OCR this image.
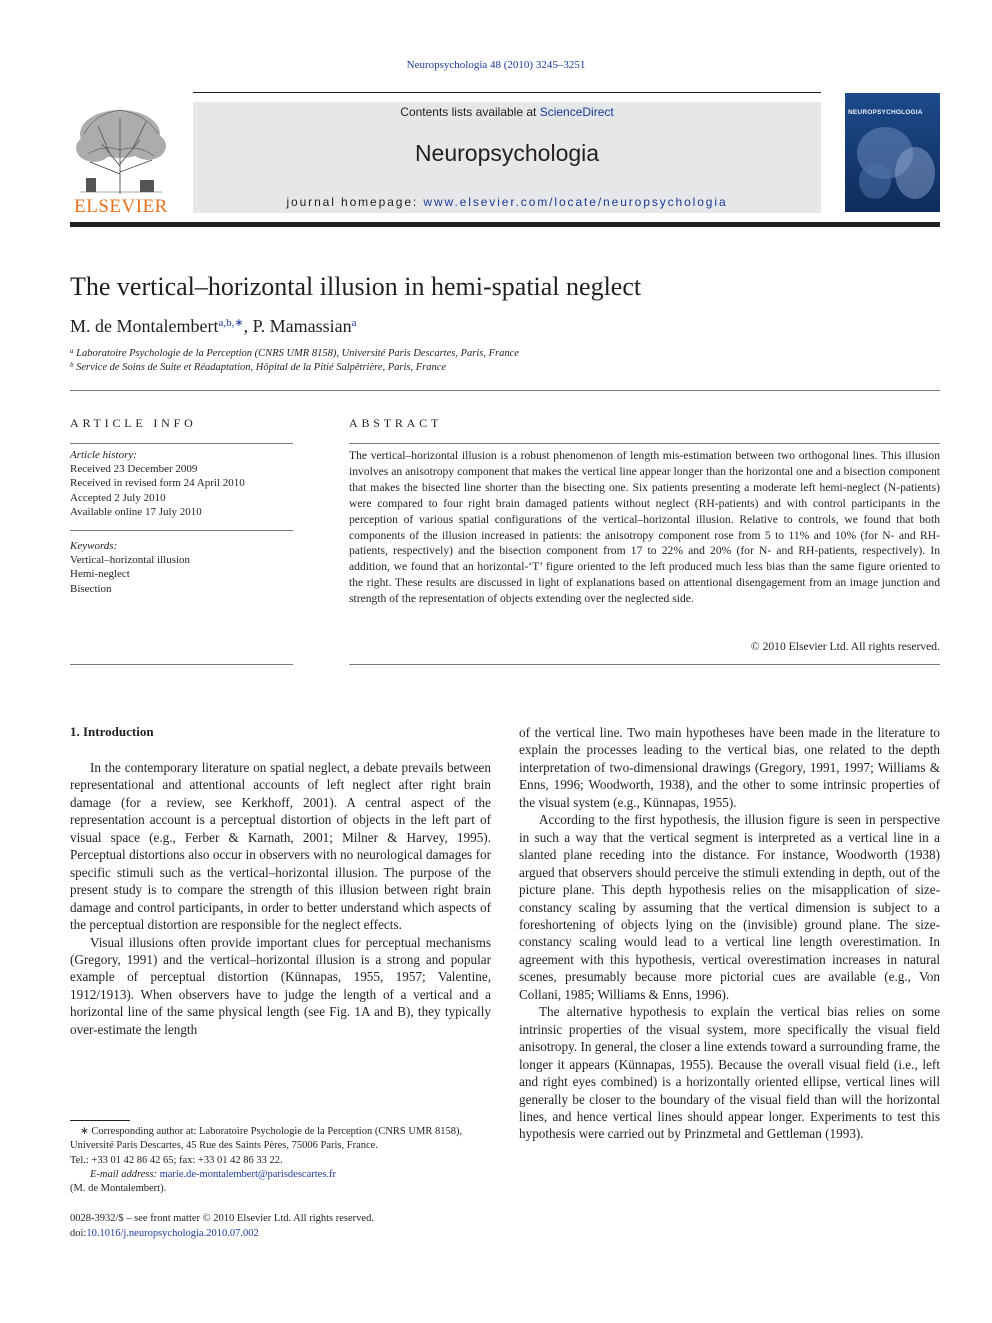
Neuropsychologia 48 (2010) 3245–3251
ELSEVIER
Contents lists available at ScienceDirect
Neuropsychologia
journal homepage: www.elsevier.com/locate/neuropsychologia
NEUROPSYCHOLOGIA
The vertical–horizontal illusion in hemi-spatial neglect
M. de Montalembert$^{a,b,∗}$, P. Mamassian$^a$
$^a$ Laboratoire Psychologie de la Perception (CNRS UMR 8158), Université Paris Descartes, Paris, France
$^b$ Service de Soins de Suite et Réadaptation, Hôpital de la Pitié Salpêtrière, Paris, France
ARTICLE INFO
Article history:
Received 23 December 2009
Received in revised form 24 April 2010
Accepted 2 July 2010
Available online 17 July 2010
Keywords:
Vertical–horizontal illusion
Hemi-neglect
Bisection
ABSTRACT
The vertical–horizontal illusion is a robust phenomenon of length mis-estimation between two orthogonal lines. This illusion involves an anisotropy component that makes the vertical line appear longer than the horizontal one and a bisection component that makes the bisected line shorter than the bisecting one. Six patients presenting a moderate left hemi-neglect (N-patients) were compared to four right brain damaged patients without neglect (RH-patients) and with control participants in the perception of various spatial configurations of the vertical–horizontal illusion. Relative to controls, we found that both components of the illusion increased in patients: the anisotropy component rose from 5 to 11% and 10% (for N- and RH-patients, respectively) and the bisection component from 17 to 22% and 20% (for N- and RH-patients, respectively). In addition, we found that an horizontal-‘T’ figure oriented to the left produced much less bias than the same figure oriented to the right. These results are discussed in light of explanations based on attentional disengagement from an image junction and strength of the representation of objects extending over the neglected side.
© 2010 Elsevier Ltd. All rights reserved.
1. Introduction

In the contemporary literature on spatial neglect, a debate prevails between representational and attentional accounts of left neglect after right brain damage (for a review, see Kerkhoff, 2001). A central aspect of the representation account is a perceptual distortion of objects in the left part of visual space (e.g., Ferber & Karnath, 2001; Milner & Harvey, 1995). Perceptual distortions also occur in observers with no neurological damages for specific stimuli such as the vertical–horizontal illusion. The purpose of the present study is to compare the strength of this illusion between right brain damage and control participants, in order to better understand which aspects of the perceptual distortion are responsible for the neglect effects.

Visual illusions often provide important clues for perceptual mechanisms (Gregory, 1991) and the vertical–horizontal illusion is a strong and popular example of perceptual distortion (Künnapas, 1955, 1957; Valentine, 1912/1913). When observers have to judge the length of a vertical and a horizontal line of the same physical length (see Fig. 1A and B), they typically over-estimate the length

of the vertical line. Two main hypotheses have been made in the literature to explain the processes leading to the vertical bias, one related to the depth interpretation of two-dimensional drawings (Gregory, 1991, 1997; Williams & Enns, 1996; Woodworth, 1938), and the other to some intrinsic properties of the visual system (e.g., Künnapas, 1955).

According to the first hypothesis, the illusion figure is seen in perspective in such a way that the vertical segment is interpreted as a vertical line in a slanted plane receding into the distance. For instance, Woodworth (1938) argued that observers should perceive the stimuli extending in depth, out of the picture plane. This depth hypothesis relies on the misapplication of size-constancy scaling by assuming that the vertical dimension is subject to a foreshortening of objects lying on the (invisible) ground plane. The size-constancy scaling would lead to a vertical line length overestimation. In agreement with this hypothesis, vertical overestimation increases in natural scenes, presumably because more pictorial cues are available (e.g., Von Collani, 1985; Williams & Enns, 1996).

The alternative hypothesis to explain the vertical bias relies on some intrinsic properties of the visual system, more specifically the visual field anisotropy. In general, the closer a line extends toward a surrounding frame, the longer it appears (Künnapas, 1955). Because the overall visual field (i.e., left and right eyes combined) is a horizontally oriented ellipse, vertical lines will generally be closer to the boundary of the visual field than will the horizontal lines, and hence vertical lines should appear longer. Experiments to test this hypothesis were carried out by Prinzmetal and Gettleman (1993).

∗ Corresponding author at: Laboratoire Psychologie de la Perception (CNRS UMR 8158), Université Paris Descartes, 45 Rue des Saints Pères, 75006 Paris, France.
Tel.: +33 01 42 86 42 65; fax: +33 01 42 86 33 22.
E-mail address: marie.de-montalembert@parisdescartes.fr
(M. de Montalembert).
0028-3932/$ – see front matter © 2010 Elsevier Ltd. All rights reserved.
doi:10.1016/j.neuropsychologia.2010.07.002
